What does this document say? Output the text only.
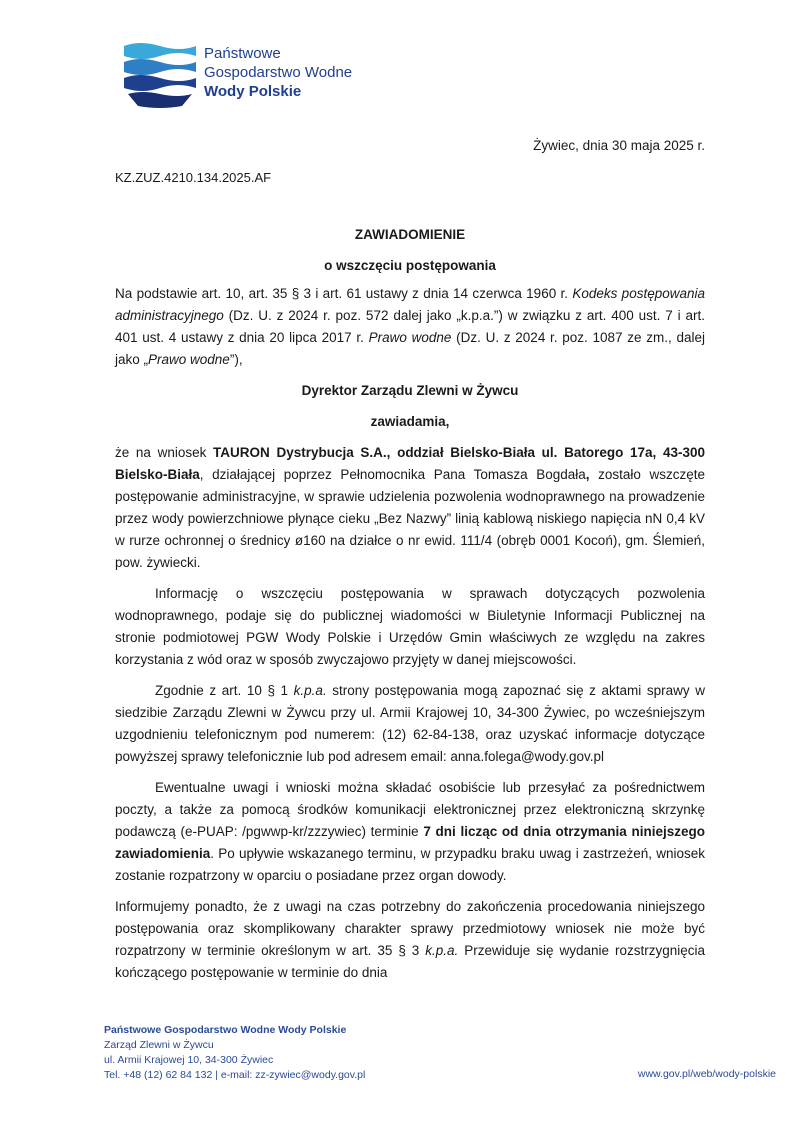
Państwowe
Gospodarstwo Wodne
Wody Polskie
Żywiec, dnia 30 maja 2025 r.
KZ.ZUZ.4210.134.2025.AF
ZAWIADOMIENIE
o wszczęciu postępowania

Na podstawie art. 10, art. 35 § 3 i art. 61 ustawy z dnia 14 czerwca 1960 r. Kodeks postępowania administracyjnego (Dz. U. z 2024 r. poz. 572 dalej jako „k.p.a.”) w związku z art. 400 ust. 7 i art. 401 ust. 4 ustawy z dnia 20 lipca 2017 r. Prawo wodne (Dz. U. z 2024 r. poz. 1087 ze zm., dalej jako „Prawo wodne”),

Dyrektor Zarządu Zlewni w Żywcu
zawiadamia,

że na wniosek TAURON Dystrybucja S.A., oddział Bielsko-Biała ul. Batorego 17a, 43-300 Bielsko-Biała, działającej poprzez Pełnomocnika Pana Tomasza Bogdała, zostało wszczęte postępowanie administracyjne, w sprawie udzielenia pozwolenia wodnoprawnego na prowadzenie przez wody powierzchniowe płynące cieku „Bez Nazwy” linią kablową niskiego napięcia nN 0,4 kV w rurze ochronnej o średnicy ø160 na działce o nr ewid. 111/4 (obręb 0001 Kocoń), gm. Ślemień, pow. żywiecki.

Informację o wszczęciu postępowania w sprawach dotyczących pozwolenia wodnoprawnego, podaje się do publicznej wiadomości w Biuletynie Informacji Publicznej na stronie podmiotowej PGW Wody Polskie i Urzędów Gmin właściwych ze względu na zakres korzystania z wód oraz w sposób zwyczajowo przyjęty w danej miejscowości.

Zgodnie z art. 10 § 1 k.p.a. strony postępowania mogą zapoznać się z aktami sprawy w siedzibie Zarządu Zlewni w Żywcu przy ul. Armii Krajowej 10, 34-300 Żywiec, po wcześniejszym uzgodnieniu telefonicznym pod numerem: (12) 62-84-138, oraz uzyskać informacje dotyczące powyższej sprawy telefonicznie lub pod adresem email: anna.folega@wody.gov.pl

Ewentualne uwagi i wnioski można składać osobiście lub przesyłać za pośrednictwem poczty, a także za pomocą środków komunikacji elektronicznej przez elektroniczną skrzynkę podawczą (e-PUAP: /pgwwp-kr/zzzywiec) terminie 7 dni licząc od dnia otrzymania niniejszego zawiadomienia. Po upływie wskazanego terminu, w przypadku braku uwag i zastrzeżeń, wniosek zostanie rozpatrzony w oparciu o posiadane przez organ dowody.

Informujemy ponadto, że z uwagi na czas potrzebny do zakończenia procedowania niniejszego postępowania oraz skomplikowany charakter sprawy przedmiotowy wniosek nie może być rozpatrzony w terminie określonym w art. 35 § 3 k.p.a. Przewiduje się wydanie rozstrzygnięcia kończącego postępowanie w terminie do dnia

Państwowe Gospodarstwo Wodne Wody Polskie
Zarząd Zlewni w Żywcu
ul. Armii Krajowej 10, 34-300 Żywiec
Tel. +48 (12) 62 84 132 | e-mail: zz-zywiec@wody.gov.pl	www.gov.pl/web/wody-polskie
